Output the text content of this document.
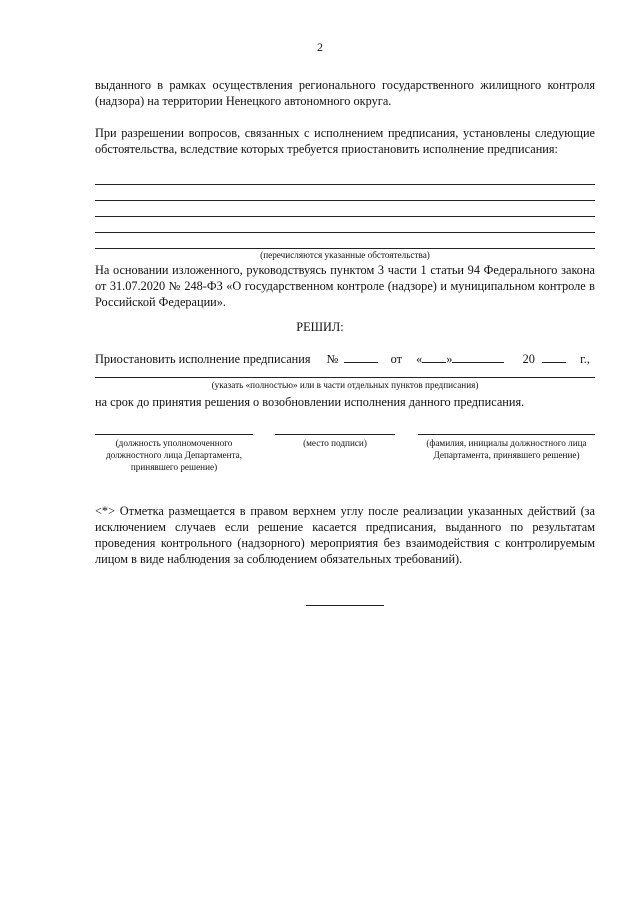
2
выданного в рамках осуществления регионального государственного жилищного контроля (надзора) на территории Ненецкого автономного округа.
При разрешении вопросов, связанных с исполнением предписания, установлены следующие обстоятельства, вследствие которых требуется приостановить исполнение предписания:
(перечисляются указанные обстоятельства)
На основании изложенного, руководствуясь пунктом 3 части 1 статьи 94 Федерального закона от 31.07.2020 № 248-ФЗ «О государственном контроле (надзоре) и муниципальном контроле в Российской Федерации».
РЕШИЛ:
Приостановить исполнение предписания №	от « »	20	г.,
(указать «полностью» или в части отдельных пунктов предписания)
на срок до принятия решения о возобновлении исполнения данного предписания.
(должность уполномоченного должностного лица Департамента, принявшего решение)
(место подписи)	(фамилия, инициалы должностного лица Департамента, принявшего решение)
<*> Отметка размещается в правом верхнем углу после реализации указанных действий (за исключением случаев если решение касается предписания, выданного по результатам проведения контрольного (надзорного) мероприятия без взаимодействия с контролируемым лицом в виде наблюдения за соблюдением обязательных требований).
